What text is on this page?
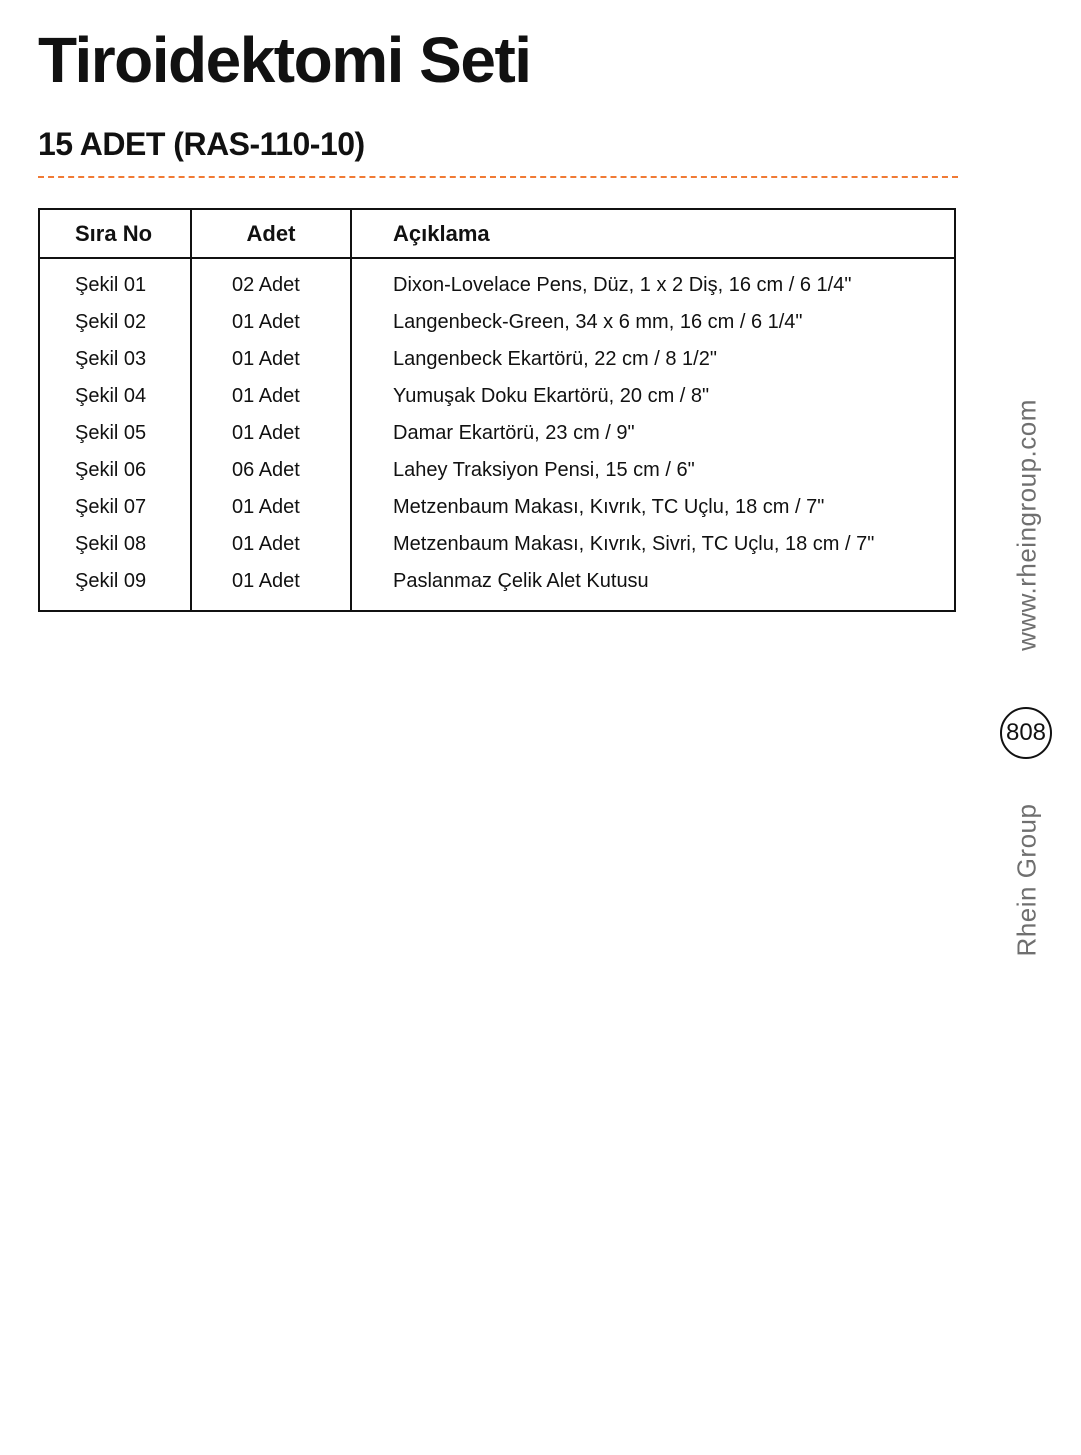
Tiroidektomi Seti
15 ADET (RAS-110-10)
Sıra No	Adet	Açıklama
Şekil 01	02 Adet	Dixon-Lovelace Pens, Düz, 1 x 2 Diş, 16 cm / 6 1/4"
Şekil 02	01 Adet	Langenbeck-Green, 34 x 6 mm, 16 cm / 6 1/4"
Şekil 03	01 Adet	Langenbeck Ekartörü, 22 cm / 8 1/2"
Şekil 04	01 Adet	Yumuşak Doku Ekartörü, 20 cm / 8"
Şekil 05	01 Adet	Damar Ekartörü, 23 cm / 9"
Şekil 06	06 Adet	Lahey Traksiyon Pensi, 15 cm / 6"
Şekil 07	01 Adet	Metzenbaum Makası, Kıvrık, TC Uçlu, 18 cm / 7"
Şekil 08	01 Adet	Metzenbaum Makası, Kıvrık, Sivri, TC Uçlu, 18 cm / 7"
Şekil 09	01 Adet	Paslanmaz Çelik Alet Kutusu
			www.rheingroup.com
808
Rhein Group
